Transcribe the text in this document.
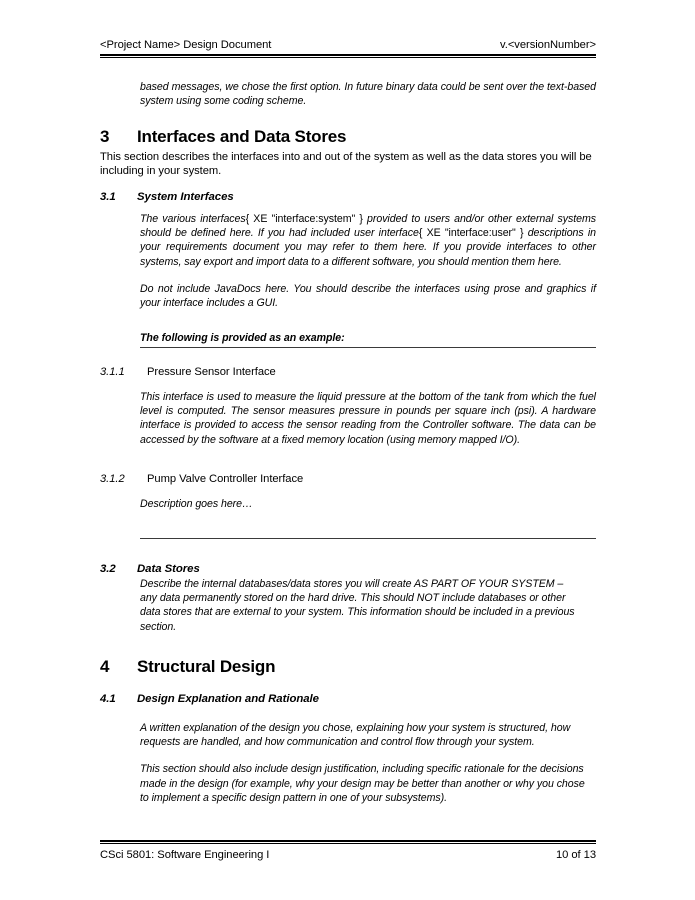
<Project Name> Design Document	v.<versionNumber>

based messages, we chose the first option. In future binary data could be sent over the text-based system using some coding scheme.

3	Interfaces and Data Stores

This section describes the interfaces into and out of the system as well as the data stores you will be including in your system.

3.1	System Interfaces

The various interfaces{ XE "interface:system" } provided to users and/or other external systems should be defined here. If you had included user interface{ XE "interface:user" } descriptions in your requirements document you may refer to them here. If you provide interfaces to other systems, say export and import data to a different software, you should mention them here.

Do not include JavaDocs here. You should describe the interfaces using prose and graphics if your interface includes a GUI.

The following is provided as an example:

3.1.1	Pressure Sensor Interface

This interface is used to measure the liquid pressure at the bottom of the tank from which the fuel level is computed. The sensor measures pressure in pounds per square inch (psi). A hardware interface is provided to access the sensor reading from the Controller software. The data can be accessed by the software at a fixed memory location (using memory mapped I/O).

3.1.2	Pump Valve Controller Interface

Description goes here…

3.2	Data Stores

Describe the internal databases/data stores you will create AS PART OF YOUR SYSTEM – any data permanently stored on the hard drive. This should NOT include databases or other data stores that are external to your system. This information should be included in a previous section.

4	Structural Design
4.1	Design Explanation and Rationale

A written explanation of the design you chose, explaining how your system is structured, how requests are handled, and how communication and control flow through your system.

This section should also include design justification, including specific rationale for the decisions made in the design (for example, why your design may be better than another or why you chose to implement a specific design pattern in one of your subsystems).

CSci 5801: Software Engineering I	10 of 13
